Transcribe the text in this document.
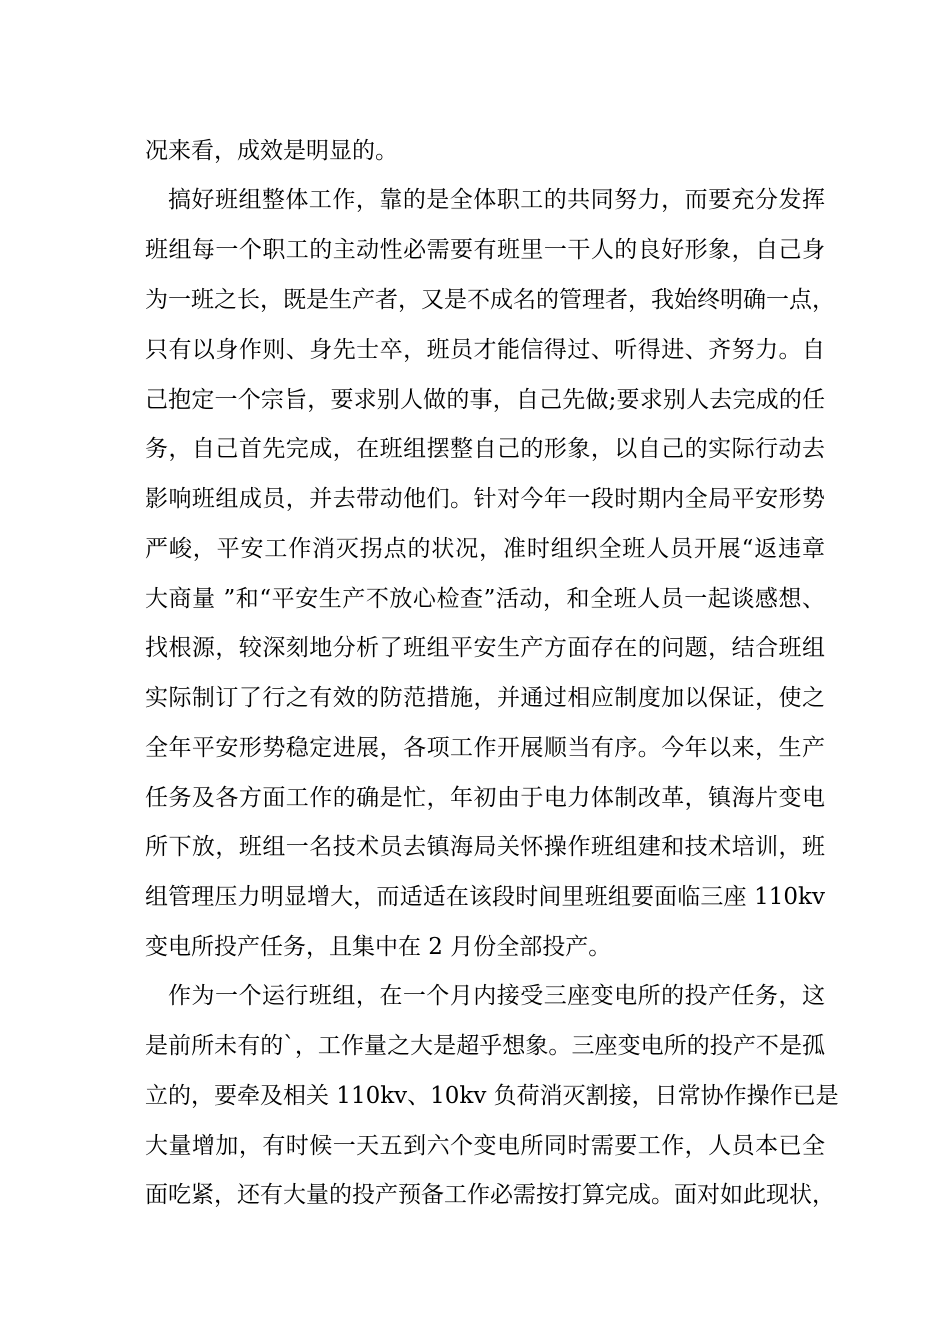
况来看，成效是明显的。
搞好班组整体工作，靠的是全体职工的共同努力，而要充分发挥
班组每一个职工的主动性必需要有班里一干人的良好形象，自己身
为一班之长，既是生产者，又是不成名的管理者，我始终明确一点，
只有以身作则、身先士卒，班员才能信得过、听得进、齐努力。自
己抱定一个宗旨，要求别人做的事，自己先做;要求别人去完成的任
务，自己首先完成，在班组摆整自己的形象，以自己的实际行动去
影响班组成员，并去带动他们。针对今年一段时期内全局平安形势
严峻，平安工作消灭拐点的状况，准时组织全班人员开展“返违章
大商量 ”和“平安生产不放心检查”活动，和全班人员一起谈感想、
找根源，较深刻地分析了班组平安生产方面存在的问题，结合班组
实际制订了行之有效的防范措施，并通过相应制度加以保证，使之
全年平安形势稳定进展，各项工作开展顺当有序。今年以来，生产
任务及各方面工作的确是忙，年初由于电力体制改革，镇海片变电
所下放，班组一名技术员去镇海局关怀操作班组建和技术培训，班
组管理压力明显增大，而适适在该段时间里班组要面临三座 110kv
变电所投产任务，且集中在 2 月份全部投产。
作为一个运行班组，在一个月内接受三座变电所的投产任务，这
是前所未有的`，工作量之大是超乎想象。三座变电所的投产不是孤
立的，要牵及相关 110kv、10kv 负荷消灭割接，日常协作操作已是
大量增加，有时候一天五到六个变电所同时需要工作，人员本已全
面吃紧，还有大量的投产预备工作必需按打算完成。面对如此现状，
